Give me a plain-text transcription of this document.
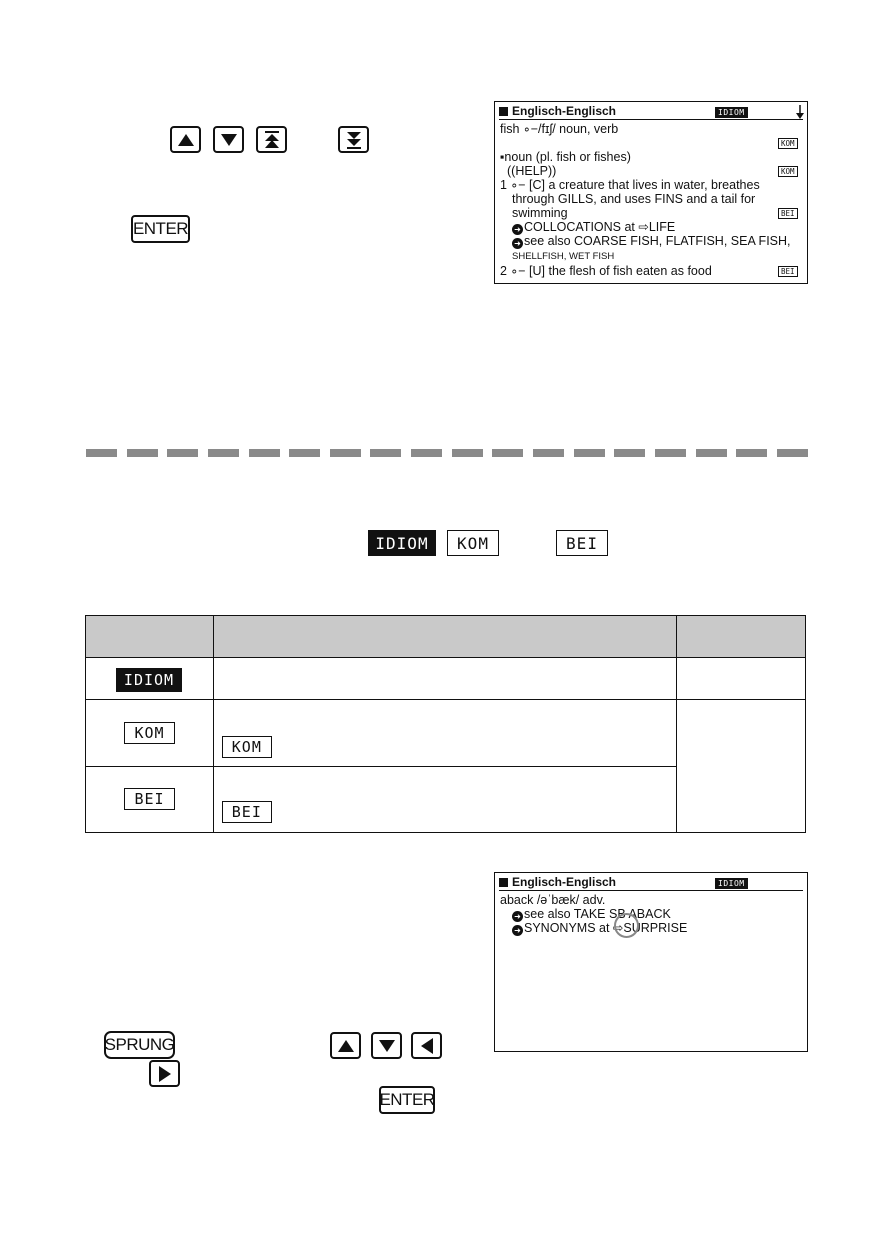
ENTER
Englisch-Englisch	IDIOM
fish ∘−/fɪʃ/ noun, verb
KOM
▪noun (pl. fish or fishes)
((HELP))	KOM
1 ∘− [C] a creature that lives in water, breathes
through GILLS, and uses FINS and a tail for
swimming	BEI
➜ COLLOCATIONS at ⇨LIFE
➜ see also COARSE FISH, FLATFISH, SEA FISH,
SHELLFISH, WET FISH
2 ∘− [U] the flesh of fish eaten as food	BEI
IDIOM	KOM	BEI

IDIOM		

KOM	KOM	

BEI	BEI	
Englisch-Englisch	IDIOM
aback /əˈbæk/ adv.
➜ see also TAKE SB ABACK
➜ SYNONYMS at ⇨SURPRISE
SPRUNG
ENTER
